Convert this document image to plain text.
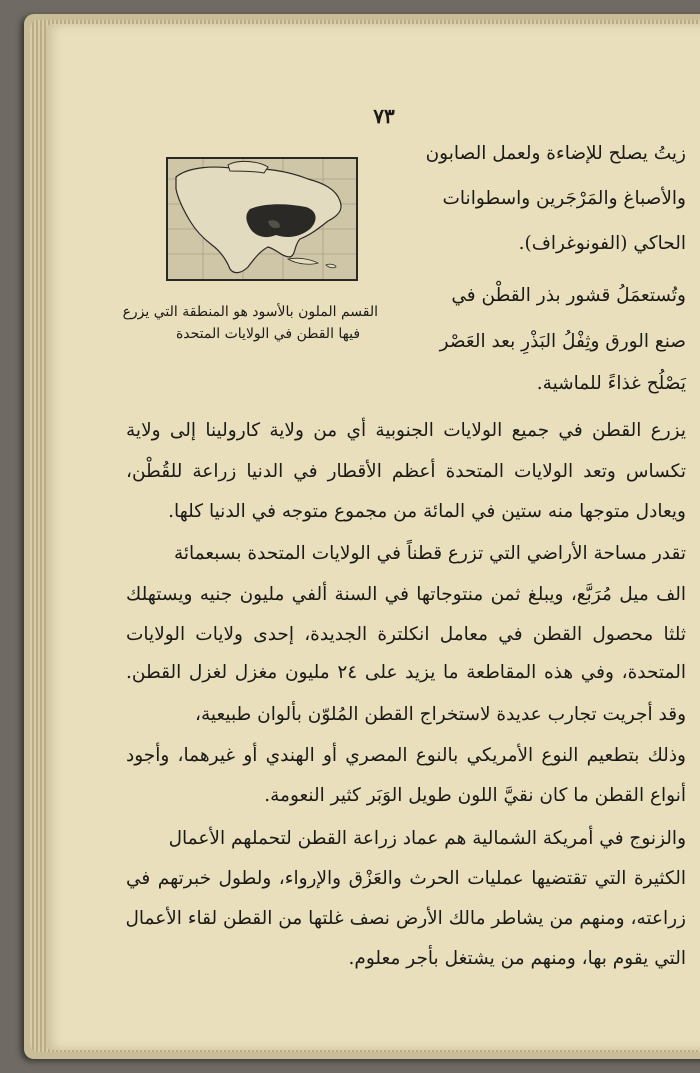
٧٣
القسم الملون بالأسود هو المنطقة التي يزرع
فيها القطن في الولايات المتحدة
زيتُ يصلح للإضاءة ولعمل الصابون
والأصباغ والمَرْجَرين واسطوانات
الحاكي (الفونوغراف).
وتُستعمَلُ قشور بذر القطْن في
صنع الورق وثِفْلُ البَذْرِ بعد العَصْر
يَصْلُح غذاءً للماشية.
يزرع القطن في جميع الولايات الجنوبية أي من ولاية كارولينا إلى ولاية
تكساس وتعد الولايات المتحدة أعظم الأقطار في الدنيا زراعة للقُطْن،
ويعادل متوجها منه ستين في المائة من مجموع متوجه في الدنيا كلها.
تقدر مساحة الأراضي التي تزرع قطناً في الولايات المتحدة بسبعمائة
الف ميل مُرَبَّع، ويبلغ ثمن منتوجاتها في السنة ألفي مليون جنيه ويستهلك
ثلثا محصول القطن في معامل انكلترة الجديدة، إحدى ولايات الولايات
المتحدة، وفي هذه المقاطعة ما يزيد على ٢٤ مليون مغزل لغزل القطن.
وقد أجريت تجارب عديدة لاستخراج القطن المُلوّن بألوان طبيعية،
وذلك بتطعيم النوع الأمريكي بالنوع المصري أو الهندي أو غيرهما، وأجود
أنواع القطن ما كان نقيَّ اللون طويل الوَبَر كثير النعومة.
والزنوج في أمريكة الشمالية هم عماد زراعة القطن لتحملهم الأعمال
الكثيرة التي تقتضيها عمليات الحرث والعَزْق والإرواء، ولطول خبرتهم في
زراعته، ومنهم من يشاطر مالك الأرض نصف غلتها من القطن لقاء الأعمال
التي يقوم بها، ومنهم من يشتغل بأجر معلوم.
